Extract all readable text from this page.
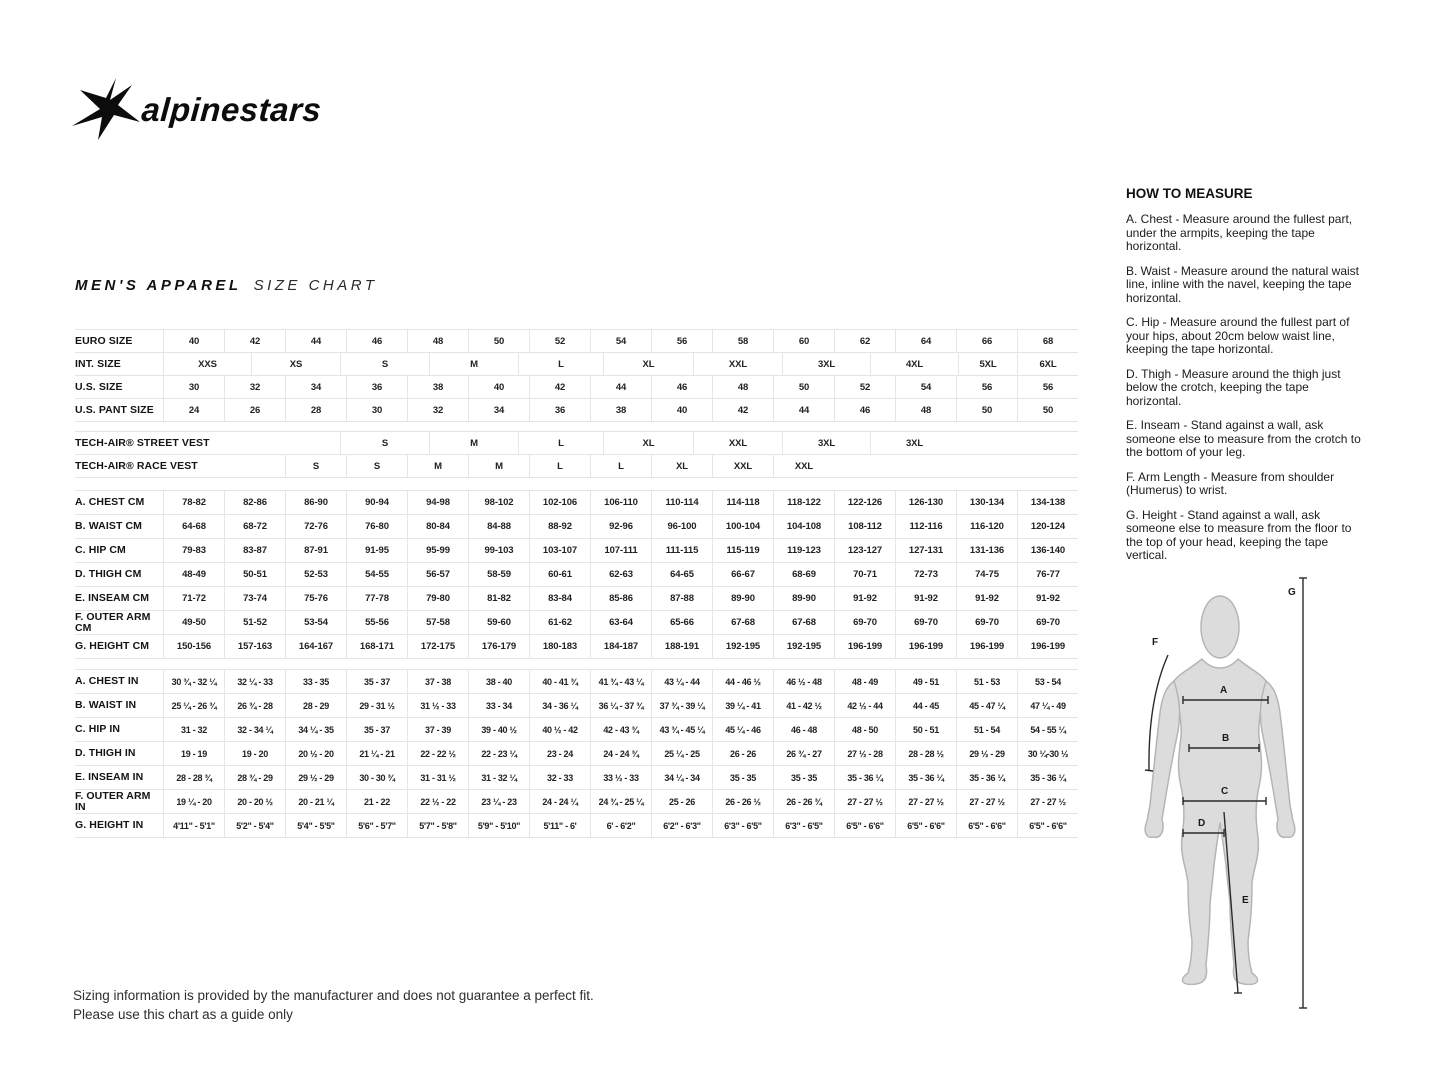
alpinestars
MEN'S APPAREL SIZE CHART
EURO SIZE	40	42	44	46	48	50	52	54	56	58	60	62	64	66	68
INT. SIZE	XXS	XS	S	M	L	XL	XXL	3XL	4XL	5XL	6XL
U.S. SIZE	30	32	34	36	38	40	42	44	46	48	50	52	54	56	56
U.S. PANT SIZE	24	26	28	30	32	34	36	38	40	42	44	46	48	50	50
TECH-AIR® STREET VEST	S	M	L	XL	XXL	3XL	3XL
TECH-AIR® RACE VEST	S	S	M	M	L	L	XL	XXL	XXL
A. CHEST CM	78-82	82-86	86-90	90-94	94-98	98-102	102-106	106-110	110-114	114-118	118-122	122-126	126-130	130-134	134-138
B. WAIST CM	64-68	68-72	72-76	76-80	80-84	84-88	88-92	92-96	96-100	100-104	104-108	108-112	112-116	116-120	120-124
C. HIP CM	79-83	83-87	87-91	91-95	95-99	99-103	103-107	107-111	111-115	115-119	119-123	123-127	127-131	131-136	136-140
D. THIGH CM	48-49	50-51	52-53	54-55	56-57	58-59	60-61	62-63	64-65	66-67	68-69	70-71	72-73	74-75	76-77
E. INSEAM CM	71-72	73-74	75-76	77-78	79-80	81-82	83-84	85-86	87-88	89-90	89-90	91-92	91-92	91-92	91-92
F. OUTER ARM CM	49-50	51-52	53-54	55-56	57-58	59-60	61-62	63-64	65-66	67-68	67-68	69-70	69-70	69-70	69-70
G. HEIGHT CM	150-156	157-163	164-167	168-171	172-175	176-179	180-183	184-187	188-191	192-195	192-195	196-199	196-199	196-199	196-199
A. CHEST IN	30 ¾ - 32 ¼	32 ¼ - 33	33 - 35	35 - 37	37 - 38	38 - 40	40 - 41 ¾	41 ¾ - 43 ¼	43 ¼ - 44	44 - 46 ½	46 ½ - 48	48 - 49	49 - 51	51 - 53	53 - 54
B. WAIST IN	25 ¼ - 26 ¾	26 ¾ - 28	28 - 29	29 - 31 ½	31 ½ - 33	33 - 34	34 - 36 ¼	36 ¼ - 37 ¾	37 ¾ - 39 ¼	39 ¼ - 41	41 - 42 ½	42 ½ - 44	44 - 45	45 - 47 ¼	47 ¼ - 49
C. HIP IN	31 - 32	32 - 34 ¼	34 ¼ - 35	35 - 37	37 - 39	39 - 40 ½	40 ½ - 42	42 - 43 ¾	43 ¾ - 45 ¼	45 ¼ - 46	46 - 48	48 - 50	50 - 51	51 - 54	54 - 55 ¼
D. THIGH IN	19 - 19	19 - 20	20 ½ - 20	21 ¼ - 21	22 - 22 ½	22 - 23 ¼	23 - 24	24 - 24 ¾	25 ¼ - 25	26 - 26	26 ¾ - 27	27 ½ - 28	28 - 28 ½	29 ½ - 29	30 ¼-30 ½
E. INSEAM IN	28 - 28 ¾	28 ¾ - 29	29 ½ - 29	30 - 30 ¾	31 - 31 ½	31 - 32 ¼	32 - 33	33 ½ - 33	34 ¼ - 34	35 - 35	35 - 35	35 - 36 ¼	35 - 36 ¼	35 - 36 ¼	35 - 36 ¼
F. OUTER ARM IN	19 ¼ - 20	20 - 20 ½	20 - 21 ¼	21 - 22	22 ½ - 22	23 ¼ - 23	24 - 24 ¼	24 ¾ - 25 ¼	25 - 26	26 - 26 ½	26 - 26 ¾	27 - 27 ½	27 - 27 ½	27 - 27 ½	27 - 27 ½
G. HEIGHT IN	4'11" - 5'1"	5'2" - 5'4"	5'4" - 5'5"	5'6" - 5'7"	5'7" - 5'8"	5'9" - 5'10"	5'11" - 6'	6' - 6'2"	6'2" - 6'3"	6'3" - 6'5"	6'3" - 6'5"	6'5" - 6'6"	6'5" - 6'6"	6'5" - 6'6"	6'5" - 6'6"
HOW TO MEASURE

A. Chest - Measure around the fullest part, under the armpits, keeping the tape horizontal.

B. Waist - Measure around the natural waist line, inline with the navel, keeping the tape horizontal.

C. Hip - Measure around the fullest part of your hips, about 20cm below waist line, keeping the tape horizontal.

D. Thigh - Measure around the thigh just below the crotch, keeping the tape horizontal.

E. Inseam - Stand against a wall, ask someone else to measure from the crotch to the bottom of your leg.

F. Arm Length - Measure from shoulder (Humerus) to wrist.

G. Height - Stand against a wall, ask someone else to measure from the floor to the top of your head, keeping the tape vertical.

A
B
C
D
E
F
G
Sizing information is provided by the manufacturer and does not guarantee a perfect fit.
Please use this chart as a guide only
